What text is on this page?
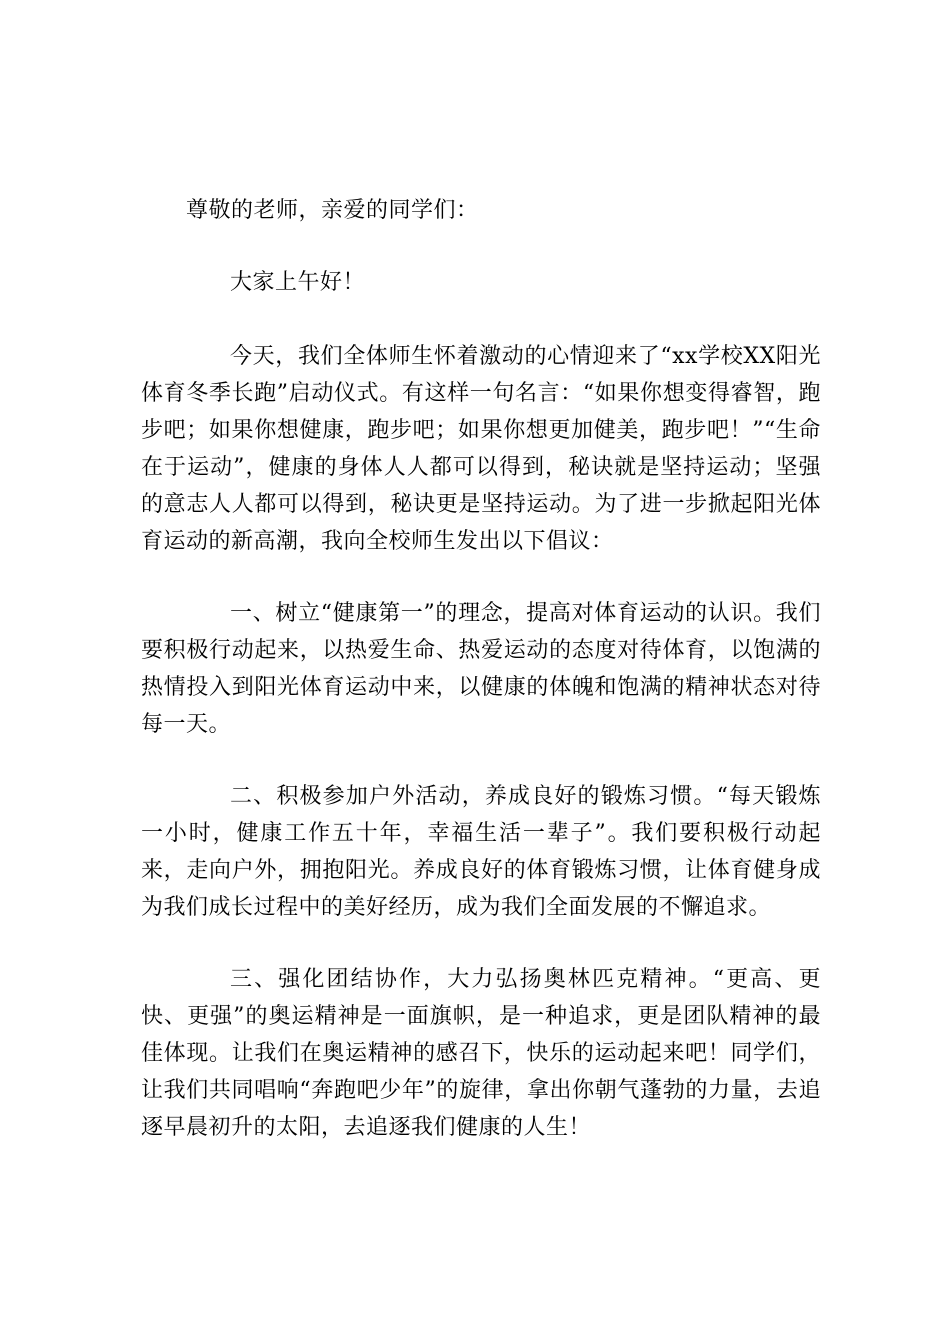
尊敬的老师，亲爱的同学们：
大家上午好！

今天，我们全体师生怀着激动的心情迎来了“xx学校XX阳光体育冬季长跑”启动仪式。有这样一句名言：“如果你想变得睿智，跑步吧；如果你想健康，跑步吧；如果你想更加健美，跑步吧！”“生命在于运动”，健康的身体人人都可以得到，秘诀就是坚持运动；坚强的意志人人都可以得到，秘诀更是坚持运动。为了进一步掀起阳光体育运动的新高潮，我向全校师生发出以下倡议：

一、树立“健康第一”的理念，提高对体育运动的认识。我们要积极行动起来，以热爱生命、热爱运动的态度对待体育，以饱满的热情投入到阳光体育运动中来，以健康的体魄和饱满的精神状态对待每一天。

二、积极参加户外活动，养成良好的锻炼习惯。“每天锻炼一小时，健康工作五十年，幸福生活一辈子”。我们要积极行动起来，走向户外，拥抱阳光。养成良好的体育锻炼习惯，让体育健身成为我们成长过程中的美好经历，成为我们全面发展的不懈追求。

三、强化团结协作，大力弘扬奥林匹克精神。“更高、更快、更强”的奥运精神是一面旗帜，是一种追求，更是团队精神的最佳体现。让我们在奥运精神的感召下，快乐的运动起来吧！同学们，让我们共同唱响“奔跑吧少年”的旋律，拿出你朝气蓬勃的力量，去追逐早晨初升的太阳，去追逐我们健康的人生！
